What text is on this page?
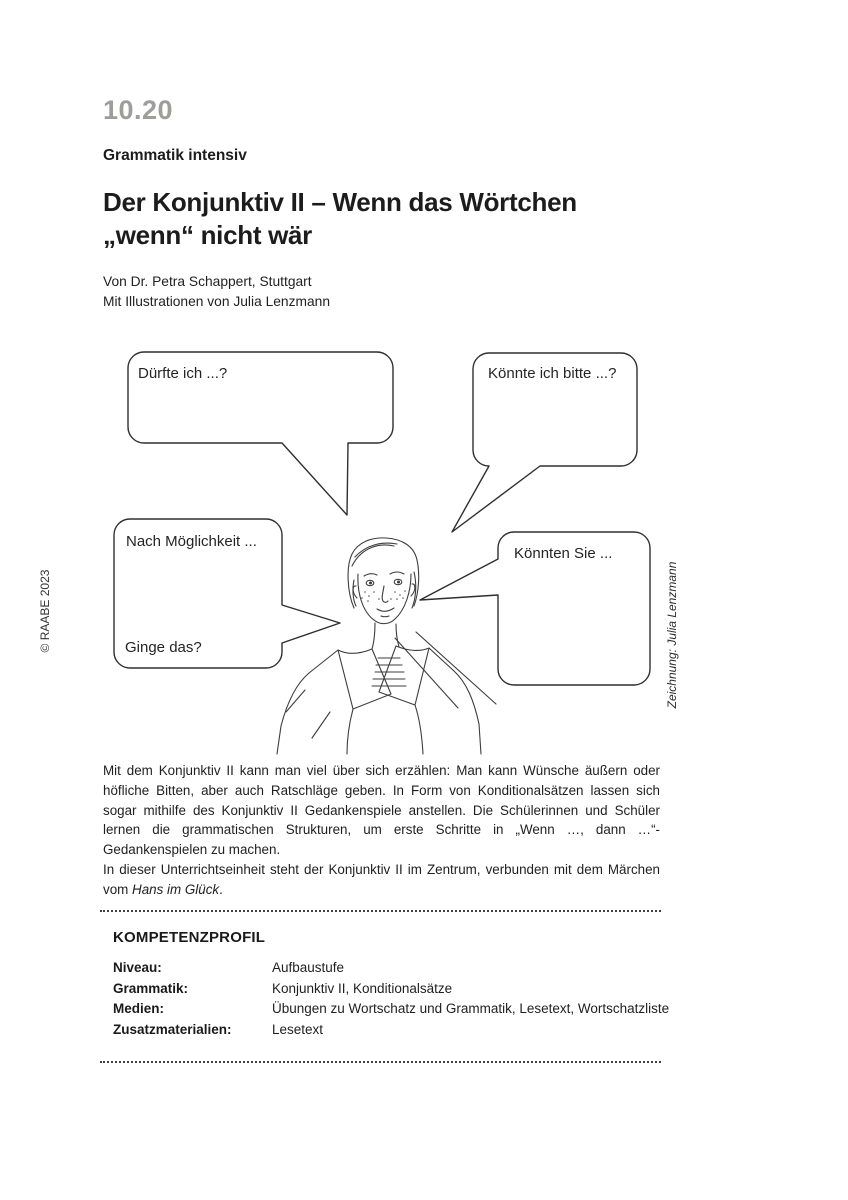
10.20
Grammatik intensiv
Der Konjunktiv II – Wenn das Wörtchen
„wenn“ nicht wär
Von Dr. Petra Schappert, Stuttgart
Mit Illustrationen von Julia Lenzmann
© RAABE 2023	Zeichnung: Julia Lenzmann
Dürfte ich ...?	Könnte ich bitte ...?
Nach Möglichkeit ...
Ginge das?
Könnten Sie ...

Mit dem Konjunktiv II kann man viel über sich erzählen: Man kann Wünsche äußern oder höfliche Bitten, aber auch Ratschläge geben. In Form von Konditionalsätzen lassen sich sogar mithilfe des Konjunktiv II Gedankenspiele anstellen. Die Schülerinnen und Schüler lernen die grammatischen Strukturen, um erste Schritte in „Wenn …, dann …“-Gedankenspielen zu machen.

In dieser Unterrichtseinheit steht der Konjunktiv II im Zentrum, verbunden mit dem Märchen vom Hans im Glück.

KOMPETENZPROFIL
Niveau:	Aufbaustufe
Grammatik:	Konjunktiv II, Konditionalsätze
Medien:	Übungen zu Wortschatz und Grammatik, Lesetext, Wortschatzliste
Zusatzmaterialien:	Lesetext
